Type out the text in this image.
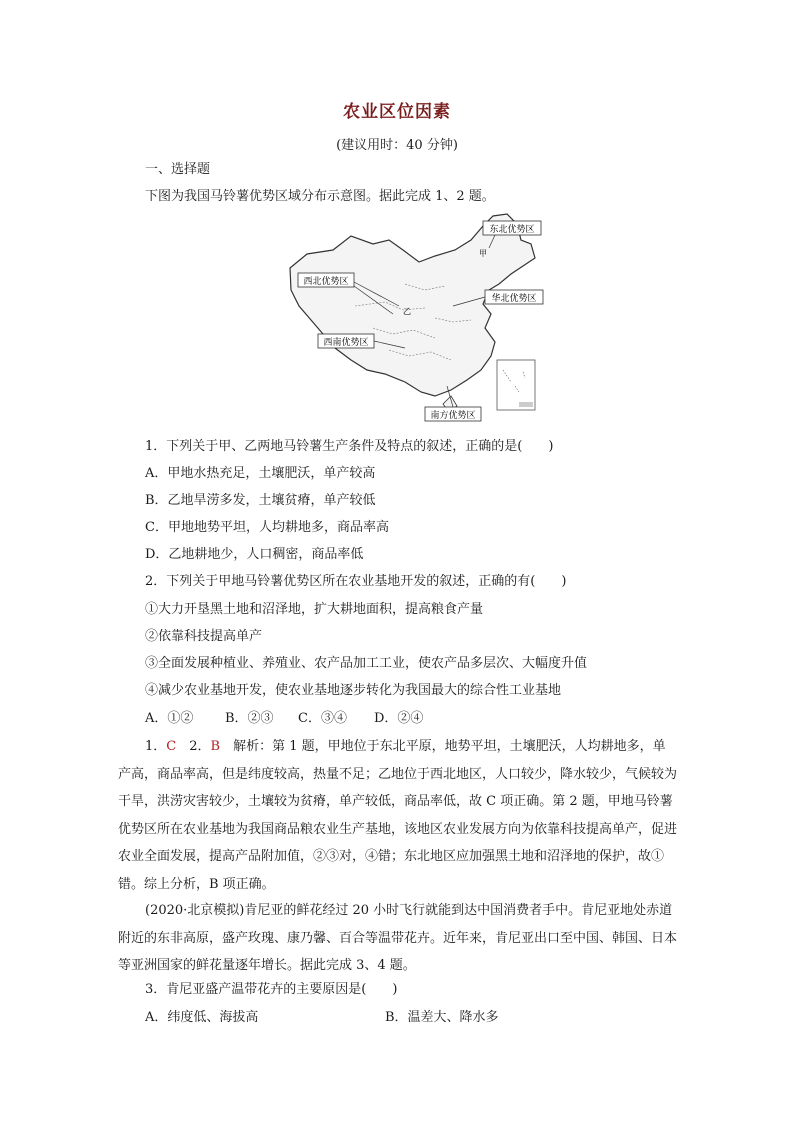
农业区位因素
(建议用时：40 分钟)
一、选择题
下图为我国马铃薯优势区域分布示意图。据此完成 1、2 题。
东北优势区
甲
西北优势区
乙
华北优势区
西南优势区
南方优势区
1．下列关于甲、乙两地马铃薯生产条件及特点的叙述，正确的是(　　)
A．甲地水热充足，土壤肥沃，单产较高
B．乙地旱涝多发，土壤贫瘠，单产较低
C．甲地地势平坦，人均耕地多，商品率高
D．乙地耕地少，人口稠密，商品率低
2．下列关于甲地马铃薯优势区所在农业基地开发的叙述，正确的有(　　)
①大力开垦黑土地和沼泽地，扩大耕地面积，提高粮食产量
②依靠科技提高单产
③全面发展种植业、养殖业、农产品加工工业，使农产品多层次、大幅度升值
④减少农业基地开发，使农业基地逐步转化为我国最大的综合性工业基地
A．①② B．②③ C．③④ D．②④
1．C　2．B　解析：第 1 题，甲地位于东北平原，地势平坦，土壤肥沃，人均耕地多，单产高，商品率高，但是纬度较高，热量不足；乙地位于西北地区，人口较少，降水较少，气候较为干旱，洪涝灾害较少，土壤较为贫瘠，单产较低，商品率低，故 C 项正确。第 2 题，甲地马铃薯优势区所在农业基地为我国商品粮农业生产基地，该地区农业发展方向为依靠科技提高单产，促进农业全面发展，提高产品附加值，②③对，④错；东北地区应加强黑土地和沼泽地的保护，故①错。综上分析，B 项正确。
(2020·北京模拟)肯尼亚的鲜花经过 20 小时飞行就能到达中国消费者手中。肯尼亚地处赤道附近的东非高原，盛产玫瑰、康乃馨、百合等温带花卉。近年来，肯尼亚出口至中国、韩国、日本等亚洲国家的鲜花量逐年增长。据此完成 3、4 题。
3．肯尼亚盛产温带花卉的主要原因是(　　)
A．纬度低、海拔高	B．温差大、降水多
